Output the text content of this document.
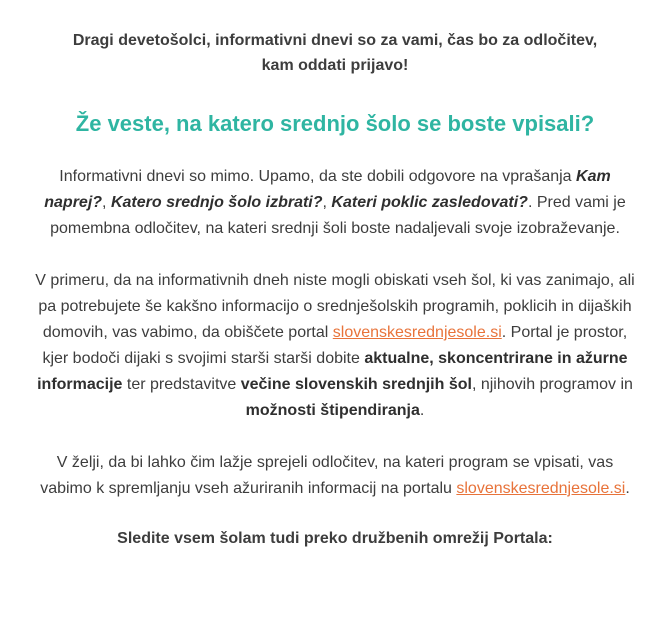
Dragi devetošolci, informativni dnevi so za vami, čas bo za odločitev, kam oddati prijavo!

Že veste, na katero srednjo šolo se boste vpisali?

Informativni dnevi so mimo. Upamo, da ste dobili odgovore na vprašanja Kam naprej?, Katero srednjo šolo izbrati?, Kateri poklic zasledovati?. Pred vami je pomembna odločitev, na kateri srednji šoli boste nadaljevali svoje izobraževanje.

V primeru, da na informativnih dneh niste mogli obiskati vseh šol, ki vas zanimajo, ali pa potrebujete še kakšno informacijo o srednješolskih programih, poklicih in dijaških domovih, vas vabimo, da obiščete portal slovenskesrednjesole.si. Portal je prostor, kjer bodoči dijaki s svojimi starši starši dobite aktualne, skoncentrirane in ažurne informacije ter predstavitve večine slovenskih srednjih šol, njihovih programov in možnosti štipendiranja.

V želji, da bi lahko čim lažje sprejeli odločitev, na kateri program se vpisati, vas vabimo k spremljanju vseh ažuriranih informacij na portalu slovenskesrednjesole.si.

Sledite vsem šolam tudi preko družbenih omrežij Portala:
